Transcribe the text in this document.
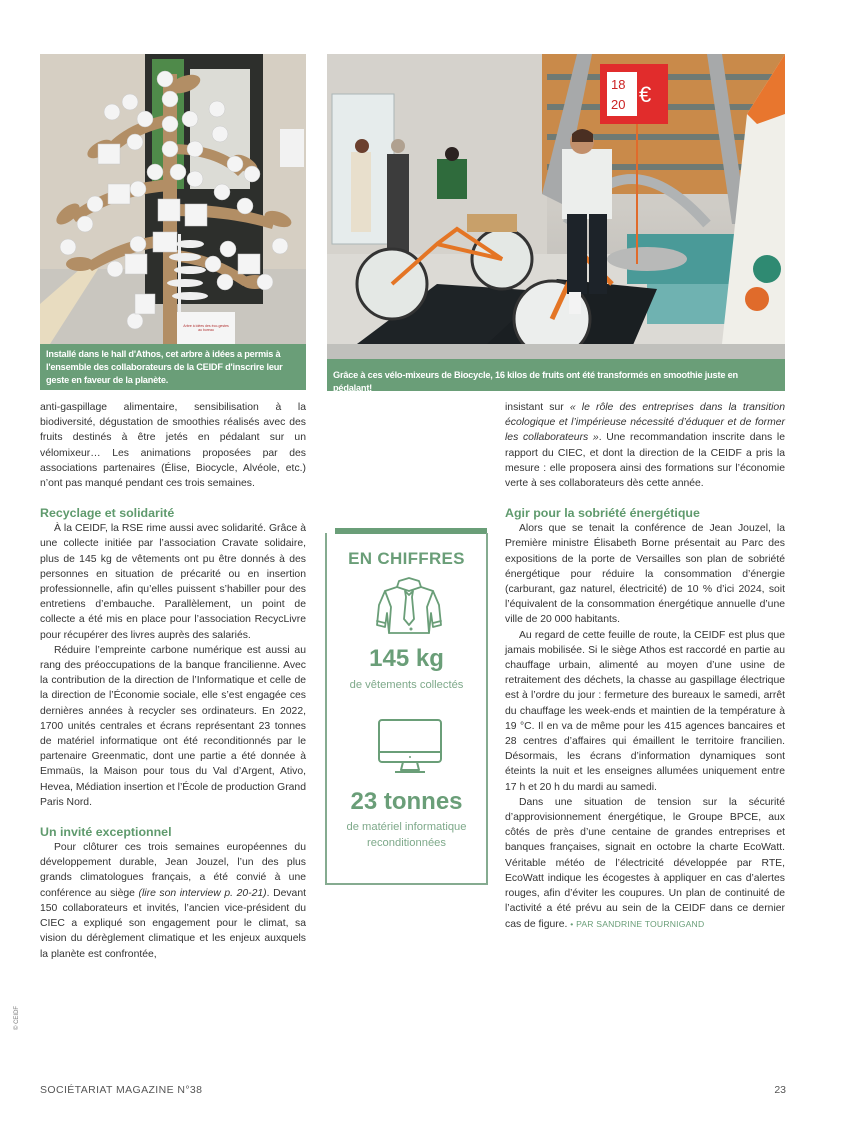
Arbre à idées des éco-gestes au bureau
Installé dans le hall d'Athos, cet arbre à idées a permis à l'ensemble des collaborateurs de la CEIDF d'inscrire leur geste en faveur de la planète.
18
20 €
Grâce à ces vélo-mixeurs de Biocycle, 16 kilos de fruits ont été transformés en smoothie juste en pédalant!

anti-gaspillage alimentaire, sensibilisation à la biodiversité, dégustation de smoothies réalisés avec des fruits destinés à être jetés en pédalant sur un vélomixeur… Les animations proposées par des associations partenaires (Élise, Biocycle, Alvéole, etc.) n’ont pas manqué pendant ces trois semaines.

Recyclage et solidarité

À la CEIDF, la RSE rime aussi avec solidarité. Grâce à une collecte initiée par l’association Cravate solidaire, plus de 145 kg de vêtements ont pu être donnés à des personnes en situation de précarité ou en insertion professionnelle, afin qu’elles puissent s’habiller pour des entretiens d’embauche. Parallèlement, un point de collecte a été mis en place pour l’association RecycLivre pour récupérer des livres auprès des salariés.

Réduire l’empreinte carbone numérique est aussi au rang des préoccupations de la banque francilienne. Avec la contribution de la direction de l’Informatique et celle de la direction de l’Économie sociale, elle s’est engagée ces dernières années à recycler ses ordinateurs. En 2022, 1700 unités centrales et écrans représentant 23 tonnes de matériel informatique ont été reconditionnés par le partenaire Greenmatic, dont une partie a été donnée à Emmaüs, la Maison pour tous du Val d’Argent, Ativo, Hevea, Médiation insertion et l’École de production Grand Paris Nord.

Un invité exceptionnel

Pour clôturer ces trois semaines européennes du développement durable, Jean Jouzel, l’un des plus grands climatologues français, a été convié à une conférence au siège (lire son interview p. 20-21). Devant 150 collaborateurs et invités, l’ancien vice-président du CIEC a expliqué son engagement pour le climat, sa vision du dérèglement climatique et les enjeux auxquels la planète est confrontée,

EN CHIFFRES
145 kg
de vêtements collectés
23 tonnes
de matériel informatique
reconditionnées

insistant sur « le rôle des entreprises dans la transition écologique et l’impérieuse nécessité d’éduquer et de former les collaborateurs ». Une recommandation inscrite dans le rapport du CIEC, et dont la direction de la CEIDF a pris la mesure : elle proposera ainsi des formations sur l’économie verte à ses collaborateurs dès cette année.

Agir pour la sobriété énergétique

Alors que se tenait la conférence de Jean Jouzel, la Première ministre Élisabeth Borne présentait au Parc des expositions de la porte de Versailles son plan de sobriété énergétique pour réduire la consommation d’énergie (carburant, gaz naturel, électricité) de 10 % d’ici 2024, soit l’équivalent de la consommation énergétique annuelle d’une ville de 20 000 habitants.

Au regard de cette feuille de route, la CEIDF est plus que jamais mobilisée. Si le siège Athos est raccordé en partie au chauffage urbain, alimenté au moyen d’une usine de retraitement des déchets, la chasse au gaspillage électrique est à l’ordre du jour : fermeture des bureaux le samedi, arrêt du chauffage les week-ends et maintien de la température à 19 °C. Il en va de même pour les 415 agences bancaires et 28 centres d’affaires qui émaillent le territoire francilien. Désormais, les écrans d’information dynamiques sont éteints la nuit et les enseignes allumées uniquement entre 17 h et 20 h du mardi au samedi.

Dans une situation de tension sur la sécurité d’approvisionnement énergétique, le Groupe BPCE, aux côtés de près d’une centaine de grandes entreprises et banques françaises, signait en octobre la charte EcoWatt. Véritable météo de l’électricité développée par RTE, EcoWatt indique les écogestes à appliquer en cas d’alertes rouges, afin d’éviter les coupures. Un plan de continuité de l’activité a été prévu au sein de la CEIDF dans ce dernier cas de figure. • PAR SANDRINE TOURNIGAND

© CEIDF
SOCIÉTARIAT MAGAZINE N°38	23
